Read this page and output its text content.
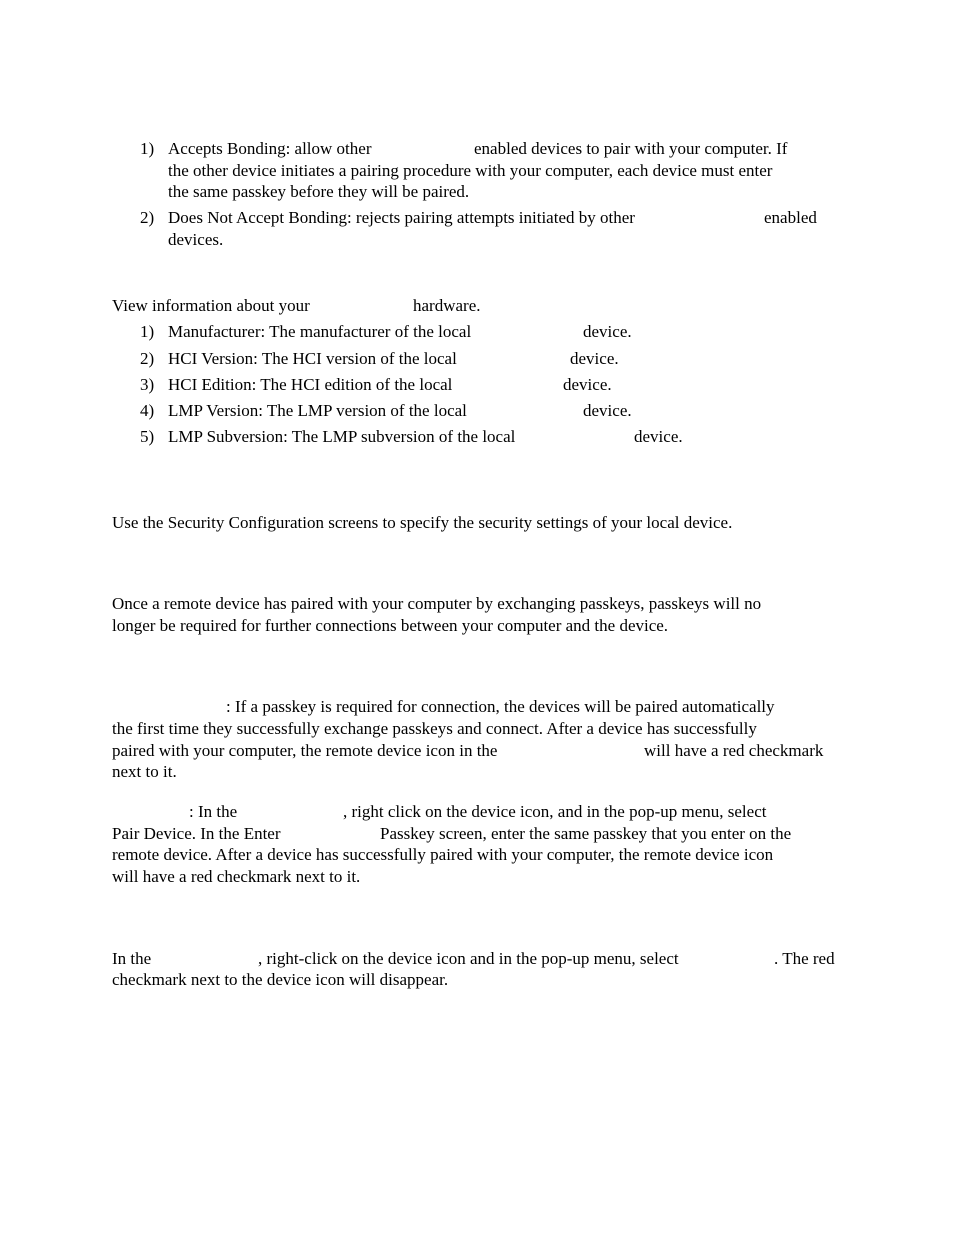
1) Accepts Bonding: allow other	enabled devices to pair with your computer. If
the other device initiates a pairing procedure with your computer, each device must enter
the same passkey before they will be paired.
2) Does Not Accept Bonding: rejects pairing attempts initiated by other	enabled
devices.
View information about your	hardware.
1) Manufacturer: The manufacturer of the local	device.
2) HCI Version: The HCI version of the local	device.
3) HCI Edition: The HCI edition of the local	device.
4) LMP Version: The LMP version of the local	device.
5) LMP Subversion: The LMP subversion of the local	device.
Use the Security Configuration screens to specify the security settings of your local device.
Once a remote device has paired with your computer by exchanging passkeys, passkeys will no
longer be required for further connections between your computer and the device.
: If a passkey is required for connection, the devices will be paired automatically
the first time they successfully exchange passkeys and connect. After a device has successfully
paired with your computer, the remote device icon in the	will have a red checkmark
next to it.
: In the	, right click on the device icon, and in the pop-up menu, select
Pair Device. In the Enter	Passkey screen, enter the same passkey that you enter on the
remote device. After a device has successfully paired with your computer, the remote device icon
will have a red checkmark next to it.
In the	, right-click on the device icon and in the pop-up menu, select	. The red
checkmark next to the device icon will disappear.
